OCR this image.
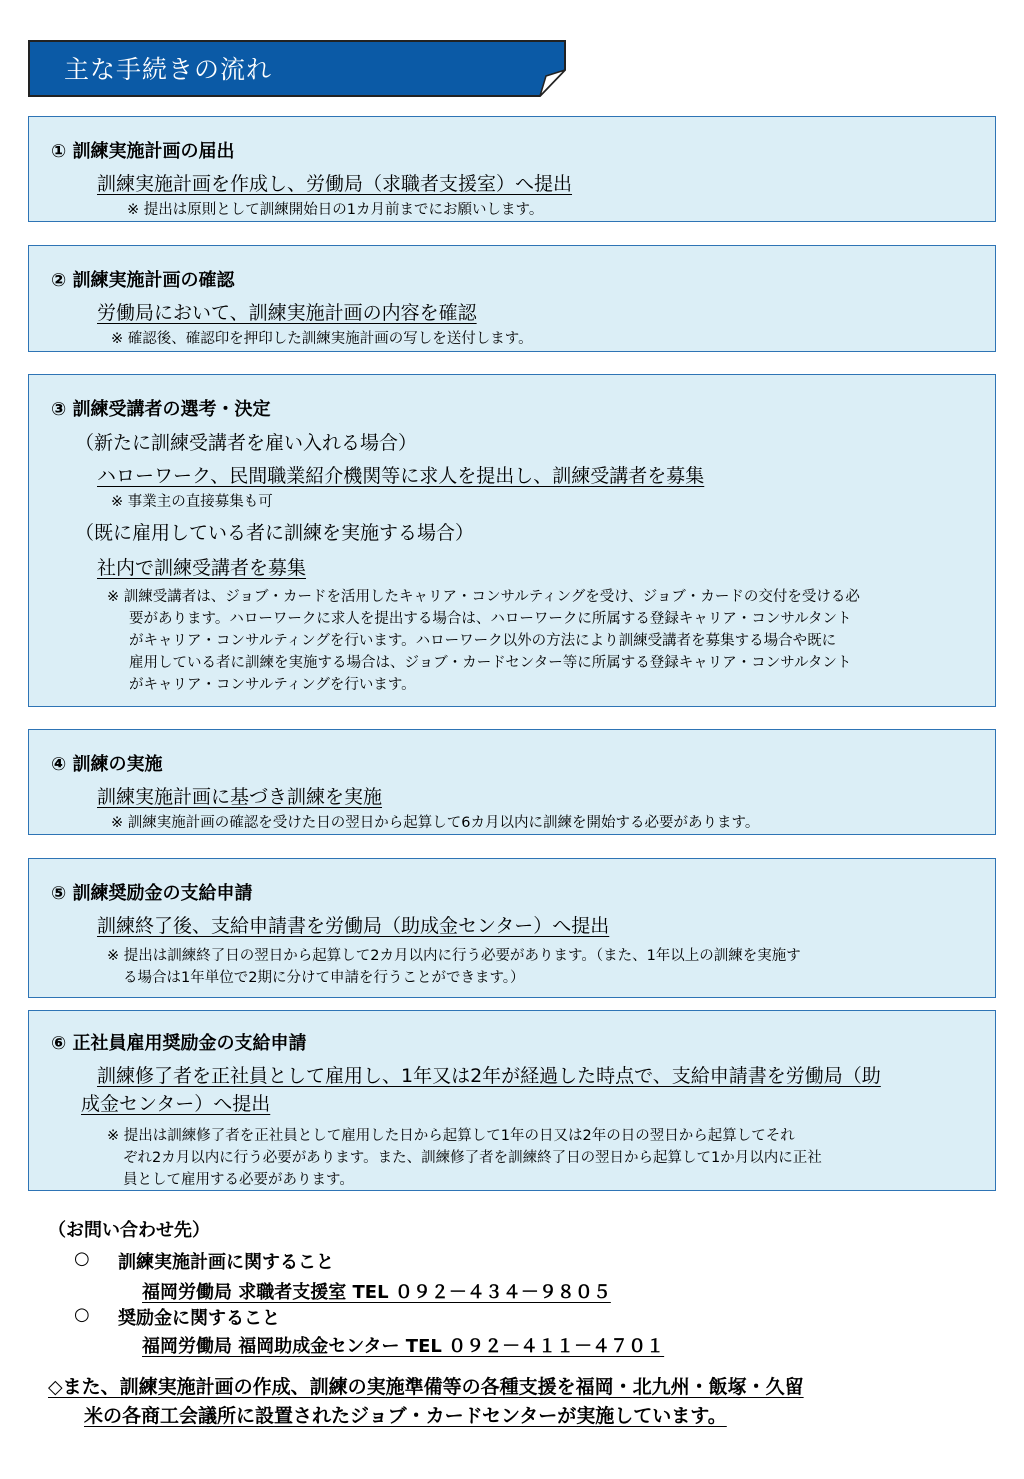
主な手続きの流れ
① 訓練実施計画の届出
訓練実施計画を作成し、労働局（求職者支援室）へ提出
※ 提出は原則として訓練開始日の1カ月前までにお願いします。
② 訓練実施計画の確認
労働局において、訓練実施計画の内容を確認
※ 確認後、確認印を押印した訓練実施計画の写しを送付します。
③ 訓練受講者の選考・決定
（新たに訓練受講者を雇い入れる場合）
ハローワーク、民間職業紹介機関等に求人を提出し、訓練受講者を募集
※ 事業主の直接募集も可
（既に雇用している者に訓練を実施する場合）
社内で訓練受講者を募集
※ 訓練受講者は、ジョブ・カードを活用したキャリア・コンサルティングを受け、ジョブ・カードの交付を受ける必
要があります。ハローワークに求人を提出する場合は、ハローワークに所属する登録キャリア・コンサルタント
がキャリア・コンサルティングを行います。ハローワーク以外の方法により訓練受講者を募集する場合や既に
雇用している者に訓練を実施する場合は、ジョブ・カードセンター等に所属する登録キャリア・コンサルタント
がキャリア・コンサルティングを行います。
④ 訓練の実施
訓練実施計画に基づき訓練を実施
※ 訓練実施計画の確認を受けた日の翌日から起算して6カ月以内に訓練を開始する必要があります。
⑤ 訓練奨励金の支給申請
訓練終了後、支給申請書を労働局（助成金センター）へ提出
※ 提出は訓練終了日の翌日から起算して2カ月以内に行う必要があります。（また、1年以上の訓練を実施す
る場合は1年単位で2期に分けて申請を行うことができます。）
⑥ 正社員雇用奨励金の支給申請
訓練修了者を正社員として雇用し、1年又は2年が経過した時点で、支給申請書を労働局（助
成金センター）へ提出
※ 提出は訓練修了者を正社員として雇用した日から起算して1年の日又は2年の日の翌日から起算してそれ
ぞれ2カ月以内に行う必要があります。また、訓練修了者を訓練終了日の翌日から起算して1か月以内に正社
員として雇用する必要があります。
（お問い合わせ先）
○ 訓練実施計画に関すること
福岡労働局 求職者支援室 TEL ０９２－４３４－９８０５
○ 奨励金に関すること
福岡労働局 福岡助成金センター TEL ０９２－４１１－４７０１
◇また、訓練実施計画の作成、訓練の実施準備等の各種支援を福岡・北九州・飯塚・久留
米の各商工会議所に設置されたジョブ・カードセンターが実施しています。
